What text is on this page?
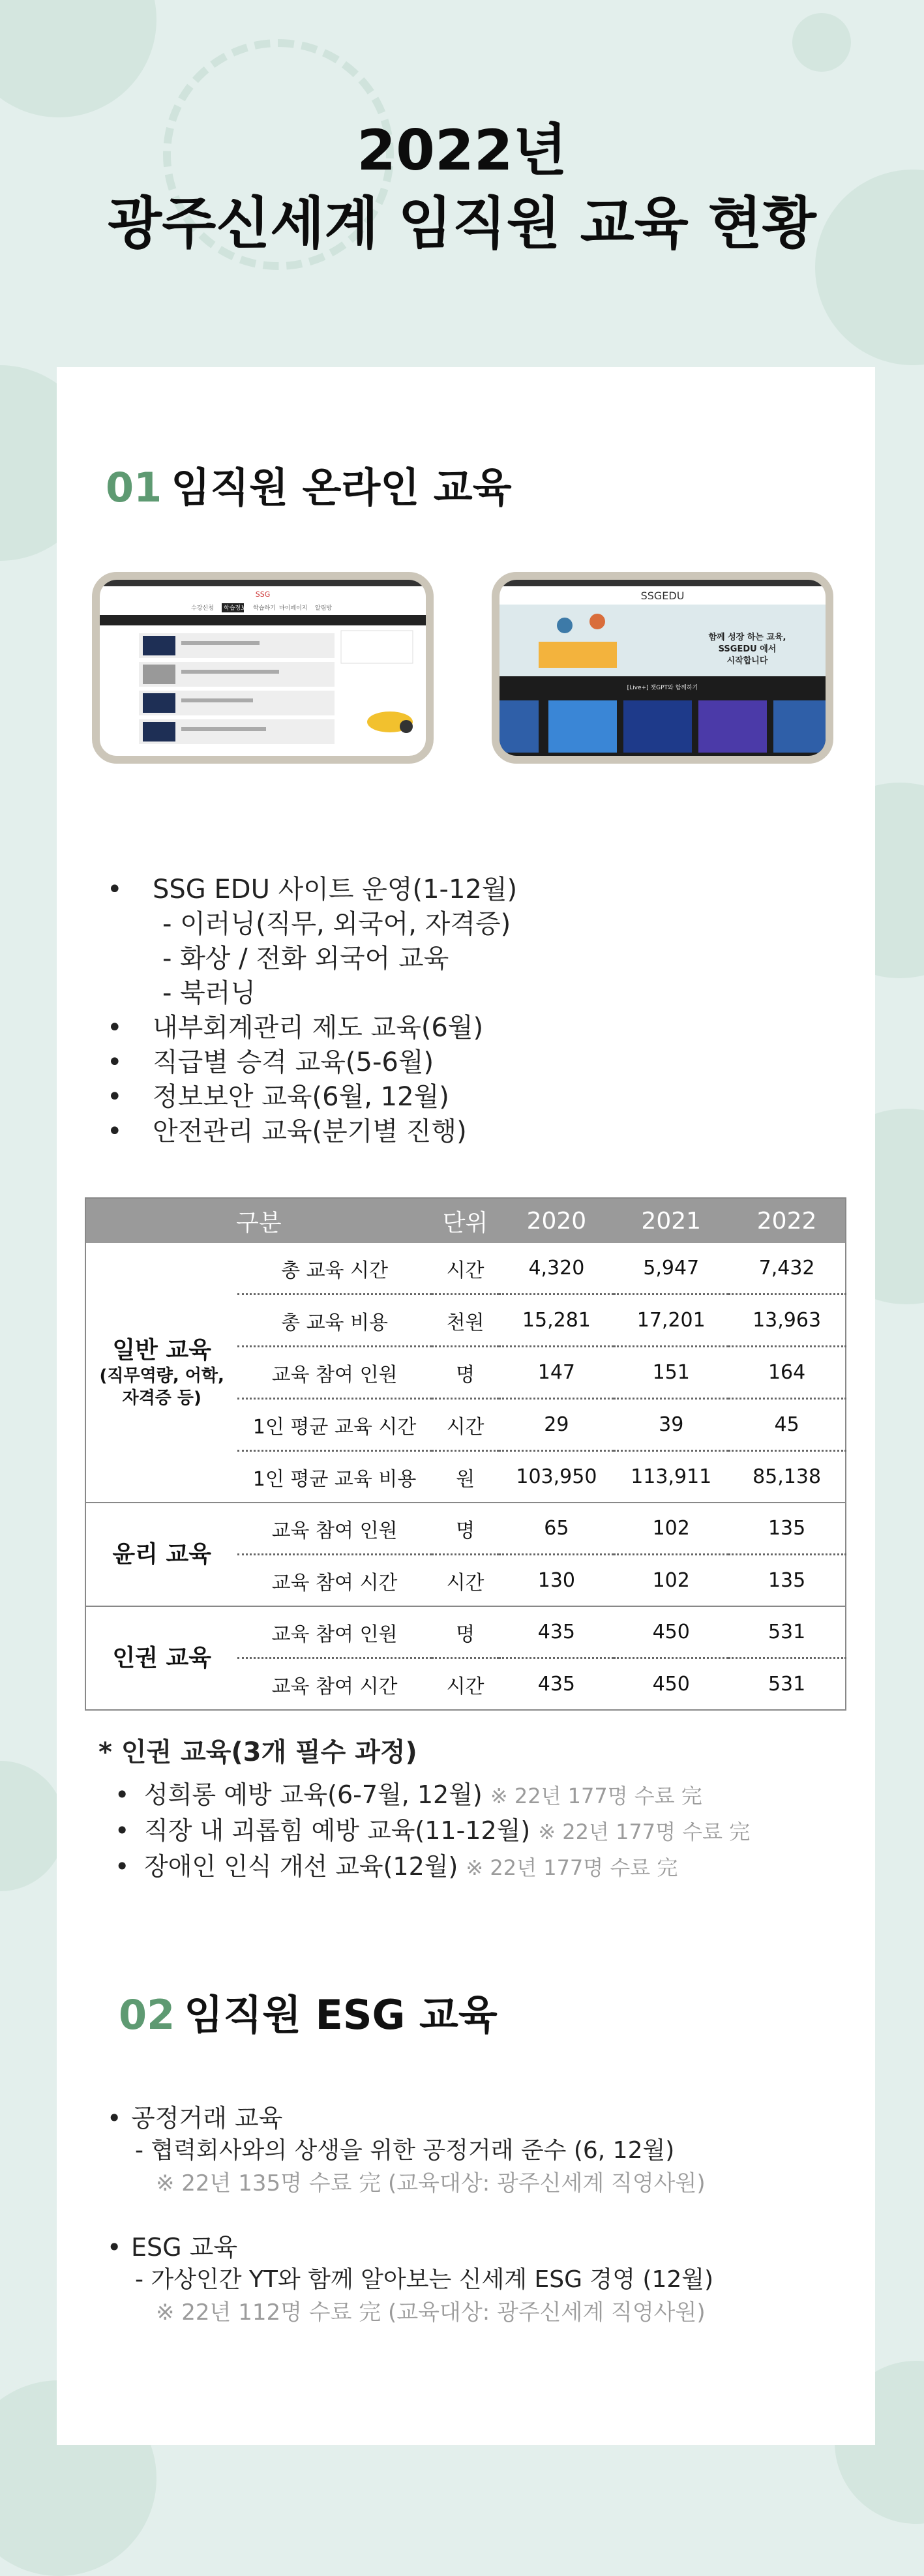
2022년
광주신세계 임직원 교육 현황
01 임직원 온라인 교육
SSG
수강신청 학습정보 학습하기 마이페이지 알림방
SSGEDU
함께 성장 하는 교육,
SSGEDU 에서
시작합니다
[Live+] 챗GPT와 함께하기
• SSG EDU 사이트 운영(1-12월)
- 이러닝(직무, 외국어, 자격증)
- 화상 / 전화 외국어 교육
- 북러닝
• 내부회계관리 제도 교육(6월)
• 직급별 승격 교육(5-6월)
• 정보보안 교육(6월, 12월)
• 안전관리 교육(분기별 진행)
* 인권 교육(3개 필수 과정)
• 성희롱 예방 교육(6-7월, 12월) ※ 22년 177명 수료 完
• 직장 내 괴롭힘 예방 교육(11-12월) ※ 22년 177명 수료 完
• 장애인 인식 개선 교육(12월) ※ 22년 177명 수료 完
02 임직원 ESG 교육
• 공정거래 교육
- 협력회사와의 상생을 위한 공정거래 준수 (6, 12월)
※ 22년 135명 수료 完 (교육대상: 광주신세계 직영사원)
• ESG 교육
- 가상인간 YT와 함께 알아보는 신세계 ESG 경영 (12월)
※ 22년 112명 수료 完 (교육대상: 광주신세계 직영사원)
구분		단위	2020	2021	2022
일반 교육
(직무역량, 어학,
자격증 등)	총 교육 시간	시간	4,320	5,947	7,432
	총 교육 비용	천원	15,281	17,201	13,963
	교육 참여 인원	명	147	151	164
	1인 평균 교육 시간	시간	29	39	45
	1인 평균 교육 비용	원	103,950	113,911	85,138
윤리 교육	교육 참여 인원	명	65	102	135
	교육 참여 시간	시간	130	102	135
인권 교육	교육 참여 인원	명	435	450	531
	교육 참여 시간	시간	435	450	531
